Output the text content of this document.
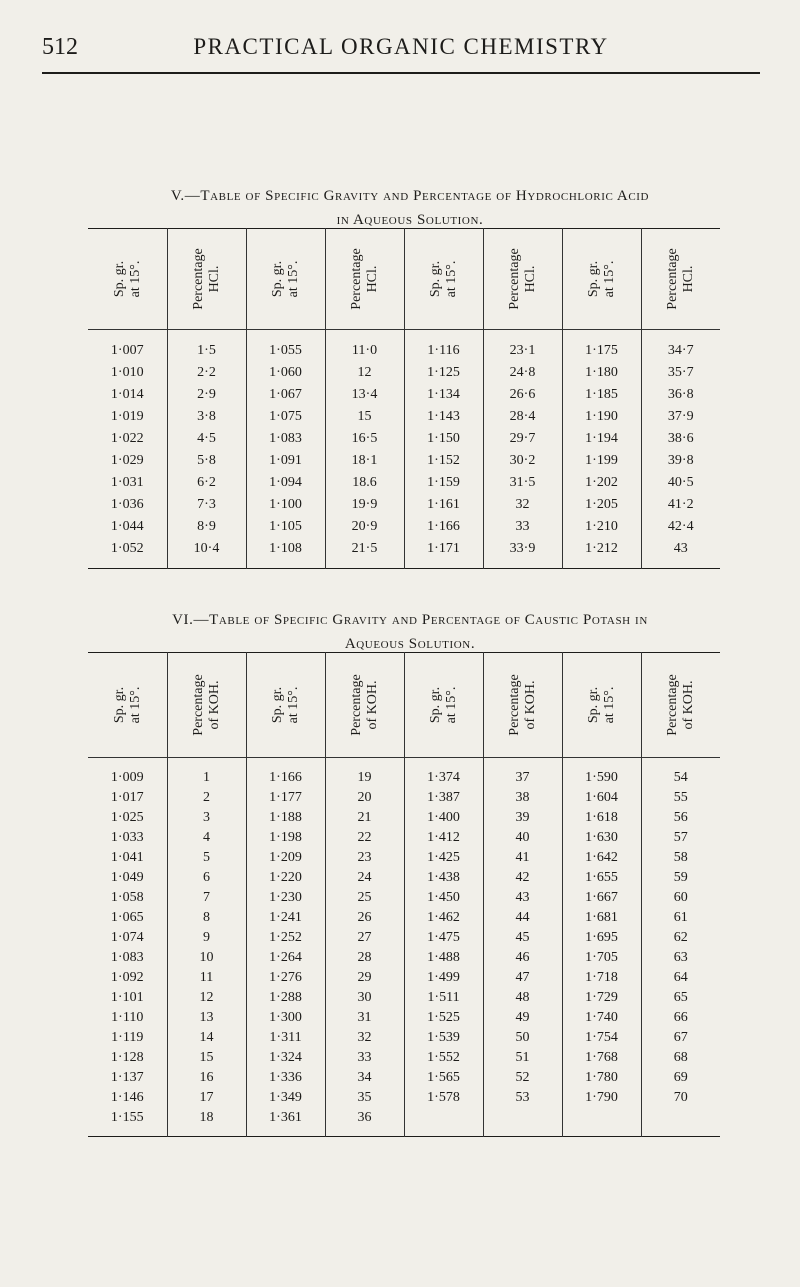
512	PRACTICAL ORGANIC CHEMISTRY
V.—Table of Specific Gravity and Percentage of Hydrochloric Acid
in Aqueous Solution.
Sp. gr. at 15°.	Percentage HCl.	Sp. gr. at 15°.	Percentage HCl.	Sp. gr. at 15°.	Percentage HCl.	Sp. gr. at 15°.	Percentage HCl.

1·007	1·5	1·055	11·0	1·116	23·1	1·175	34·7
1·010	2·2	1·060	12	1·125	24·8	1·180	35·7
1·014	2·9	1·067	13·4	1·134	26·6	1·185	36·8
1·019	3·8	1·075	15	1·143	28·4	1·190	37·9
1·022	4·5	1·083	16·5	1·150	29·7	1·194	38·6
1·029	5·8	1·091	18·1	1·152	30·2	1·199	39·8
1·031	6·2	1·094	18.6	1·159	31·5	1·202	40·5
1·036	7·3	1·100	19·9	1·161	32	1·205	41·2
1·044	8·9	1·105	20·9	1·166	33	1·210	42·4
1·052	10·4	1·108	21·5	1·171	33·9	1·212	43
VI.—Table of Specific Gravity and Percentage of Caustic Potash in
Aqueous Solution.
Sp. gr. at 15°.	Percentage of KOH.	Sp. gr. at 15°.	Percentage of KOH.	Sp. gr. at 15°.	Percentage of KOH.	Sp. gr. at 15°.	Percentage of KOH.

1·009	1	1·166	19	1·374	37	1·590	54
1·017	2	1·177	20	1·387	38	1·604	55
1·025	3	1·188	21	1·400	39	1·618	56
1·033	4	1·198	22	1·412	40	1·630	57
1·041	5	1·209	23	1·425	41	1·642	58
1·049	6	1·220	24	1·438	42	1·655	59
1·058	7	1·230	25	1·450	43	1·667	60
1·065	8	1·241	26	1·462	44	1·681	61
1·074	9	1·252	27	1·475	45	1·695	62
1·083	10	1·264	28	1·488	46	1·705	63
1·092	11	1·276	29	1·499	47	1·718	64
1·101	12	1·288	30	1·511	48	1·729	65
1·110	13	1·300	31	1·525	49	1·740	66
1·119	14	1·311	32	1·539	50	1·754	67
1·128	15	1·324	33	1·552	51	1·768	68
1·137	16	1·336	34	1·565	52	1·780	69
1·146	17	1·349	35	1·578	53	1·790	70
1·155	18	1·361	36				
